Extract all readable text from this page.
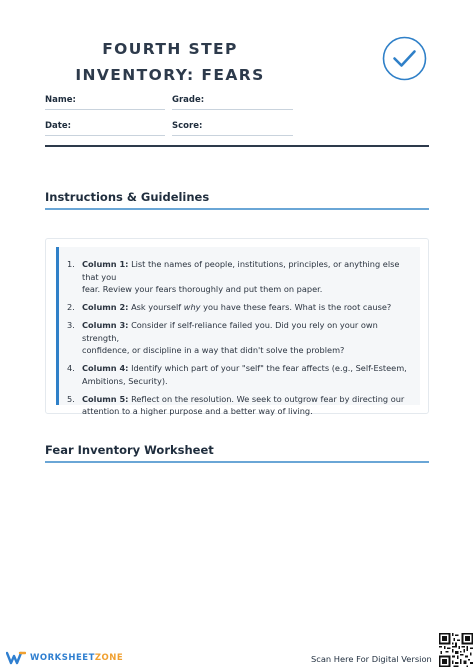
FOURTH STEP
INVENTORY: FEARS
Name:	Grade:
Date:	Score:
Instructions & Guidelines
1. Column 1: List the names of people, institutions, principles, or anything else that you
fear. Review your fears thoroughly and put them on paper.
2. Column 2: Ask yourself why you have these fears. What is the root cause?
3. Column 3: Consider if self-reliance failed you. Did you rely on your own strength,
confidence, or discipline in a way that didn't solve the problem?
4. Column 4: Identify which part of your "self" the fear affects (e.g., Self-Esteem,
Ambitions, Security).
5. Column 5: Reflect on the resolution. We seek to outgrow fear by directing our
attention to a higher purpose and a better way of living.
Fear Inventory Worksheet
WORKSHEETZONE	Scan Here For Digital Version
